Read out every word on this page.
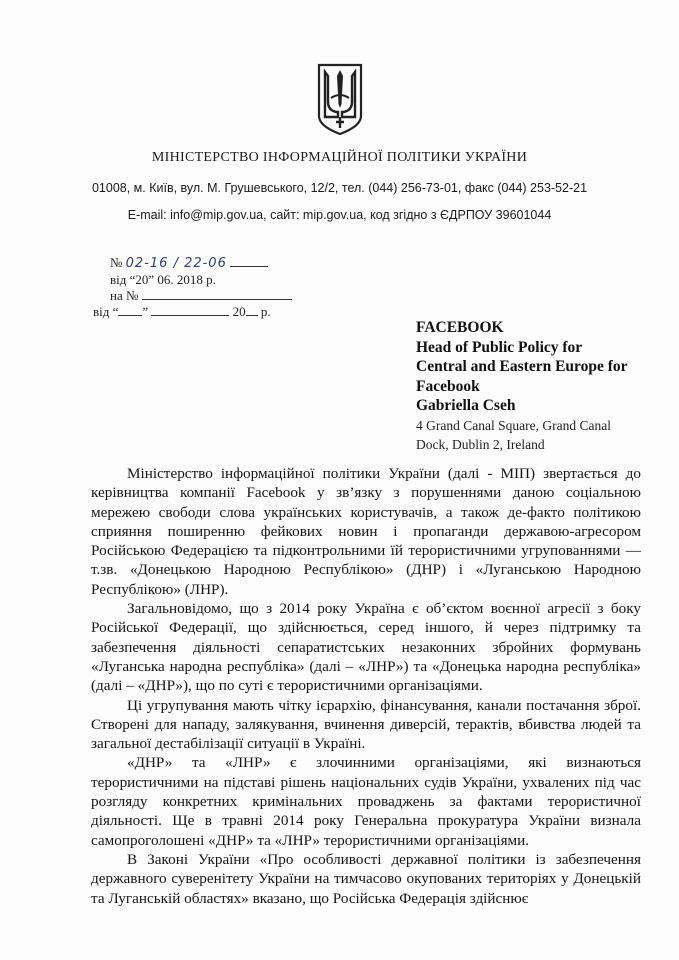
МІНІСТЕРСТВО ІНФОРМАЦІЙНОЇ ПОЛІТИКИ УКРАЇНИ
01008, м. Київ, вул. М. Грушевського, 12/2, тел. (044) 256-73-01, факс (044) 253-52-21
E-mail: info@mip.gov.ua, сайт: mip.gov.ua, код згідно з ЄДРПОУ 39601044
№ 02-16 / 22-06
від “20” 06. 2018 р.
на №
від “ ”	20 р.
FACEBOOK
Head of Public Policy for
Central and Eastern Europe for
Facebook
Gabriella Cseh
4 Grand Canal Square, Grand Canal
Dock, Dublin 2, Ireland

Міністерство інформаційної політики України (далі - МІП) звертається до керівництва компанії Facebook у зв’язку з порушеннями даною соціальною мережею свободи слова українських користувачів, а також де-факто політикою сприяння поширенню фейкових новин і пропаганди державою-агресором Російською Федерацією та підконтрольними їй терористичними угрупованнями — т.зв. «Донецькою Народною Республікою» (ДНР) і «Луганською Народною Республікою» (ЛНР).

Загальновідомо, що з 2014 року Україна є об’єктом воєнної агресії з боку Російської Федерації, що здійснюється, серед іншого, й через підтримку та забезпечення діяльності сепаратистських незаконних збройних формувань «Луганська народна республіка» (далі – «ЛНР») та «Донецька народна республіка» (далі – «ДНР»), що по суті є терористичними організаціями.

Ці угрупування мають чітку ієрархію, фінансування, канали постачання зброї. Створені для нападу, залякування, вчинення диверсій, терактів, вбивства людей та загальної дестабілізації ситуації в Україні.

«ДНР» та «ЛНР» є злочинними організаціями, які визнаються терористичними на підставі рішень національних судів України, ухвалених під час розгляду конкретних кримінальних проваджень за фактами терористичної діяльності. Ще в травні 2014 року Генеральна прокуратура України визнала самопроголошені «ДНР» та «ЛНР» терористичними організаціями.

В Законі України «Про особливості державної політики із забезпечення державного суверенітету України на тимчасово окупованих територіях у Донецькій та Луганській областях» вказано, що Російська Федерація здійснює
